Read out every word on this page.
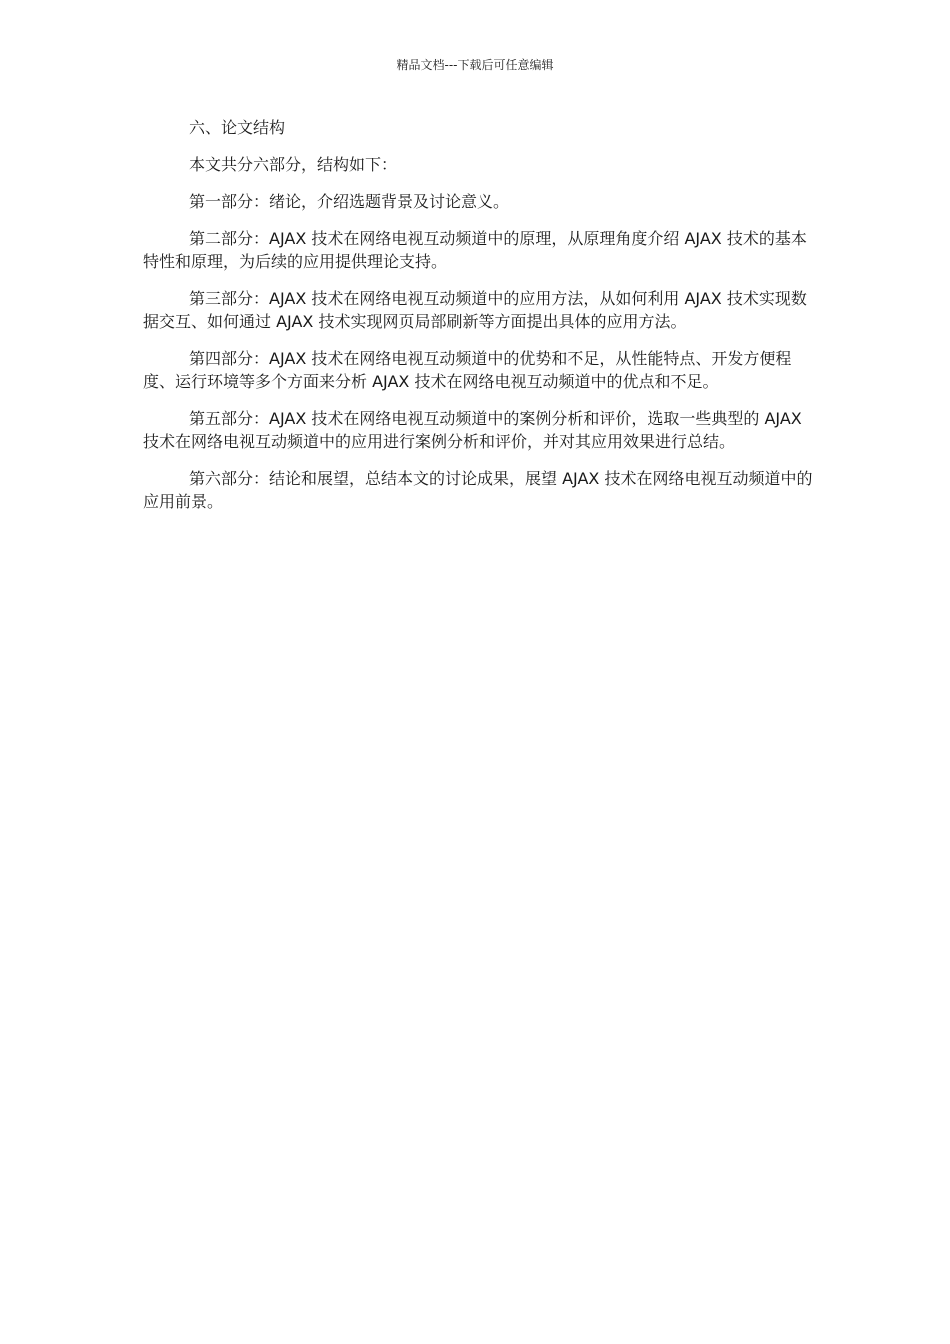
精品文档---下载后可任意编辑

六、论文结构

本文共分六部分，结构如下：

第一部分：绪论，介绍选题背景及讨论意义。

第二部分：AJAX 技术在网络电视互动频道中的原理，从原理角度介绍 AJAX 技术的基本特性和原理，为后续的应用提供理论支持。

第三部分：AJAX 技术在网络电视互动频道中的应用方法，从如何利用 AJAX 技术实现数据交互、如何通过 AJAX 技术实现网页局部刷新等方面提出具体的应用方法。

第四部分：AJAX 技术在网络电视互动频道中的优势和不足，从性能特点、开发方便程度、运行环境等多个方面来分析 AJAX 技术在网络电视互动频道中的优点和不足。

第五部分：AJAX 技术在网络电视互动频道中的案例分析和评价，选取一些典型的 AJAX 技术在网络电视互动频道中的应用进行案例分析和评价，并对其应用效果进行总结。

第六部分：结论和展望，总结本文的讨论成果，展望 AJAX 技术在网络电视互动频道中的应用前景。
